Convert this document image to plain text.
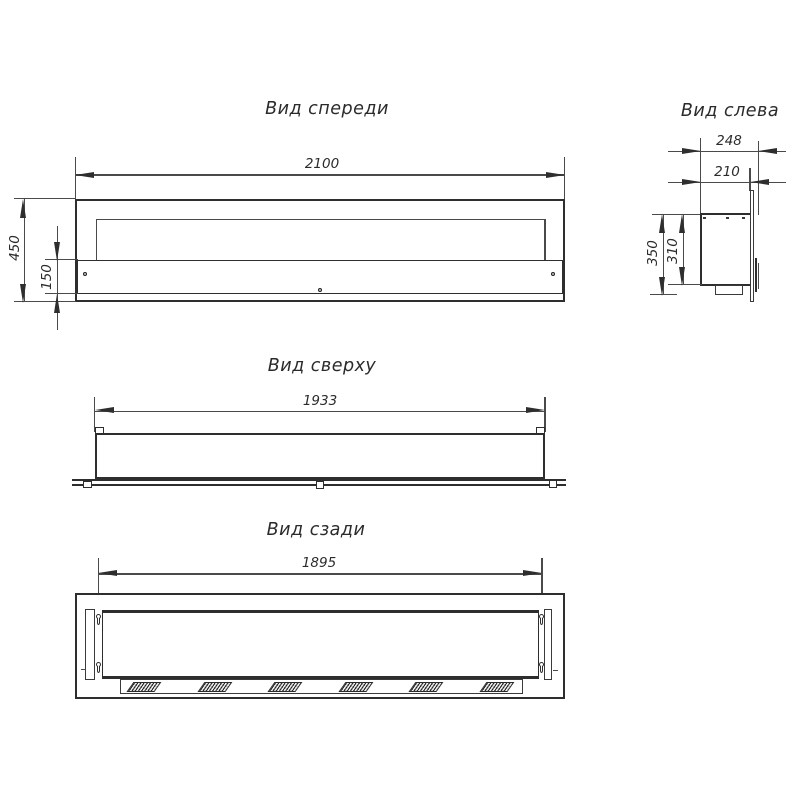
Вид спереди
2100
450
150
Вид слева
248
210
350 310
Вид сверху
1933
Вид сзади
1895
